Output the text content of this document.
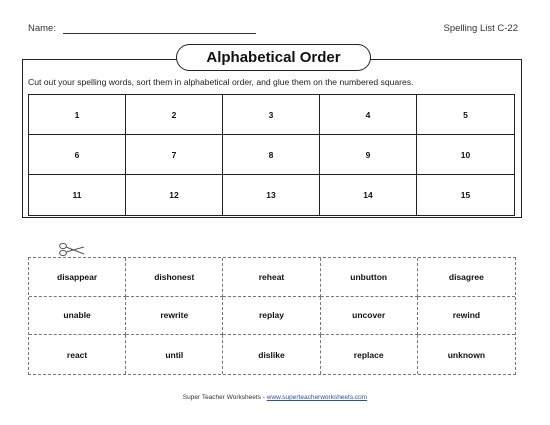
Name:	Spelling List C-22
Alphabetical Order
Cut out your spelling words, sort them in alphabetical order, and glue them on the numbered squares.
1	2	3	4	5
6	7	8	9	10
11	12	13	14	15
disappear	dishonest	reheat	unbutton	disagree
unable	rewrite	replay	uncover	rewind
react	until	dislike	replace	unknown
Super Teacher Worksheets - www.superteacherworksheets.com
